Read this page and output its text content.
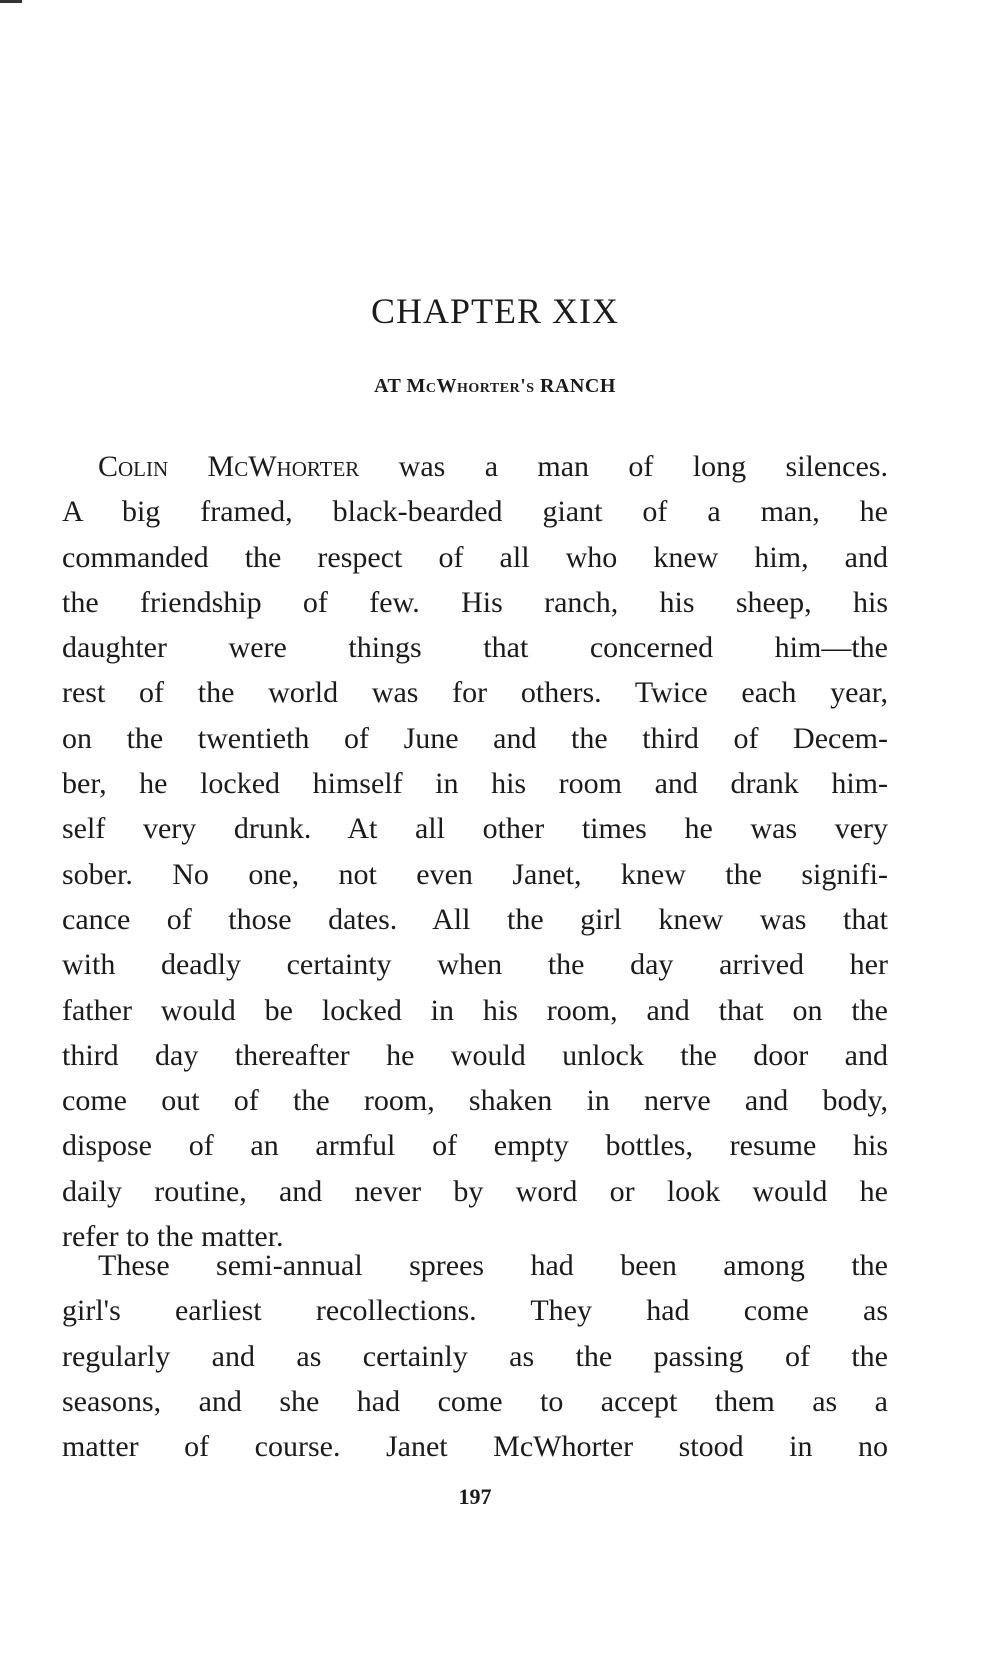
CHAPTER XIX
AT McWhorter's RANCH
Colin McWhorter was a man of long silences.
A big framed, black-bearded giant of a man, he
commanded the respect of all who knew him, and
the friendship of few. His ranch, his sheep, his
daughter were things that concerned him—the
rest of the world was for others. Twice each year,
on the twentieth of June and the third of Decem-
ber, he locked himself in his room and drank him-
self very drunk. At all other times he was very
sober. No one, not even Janet, knew the signifi-
cance of those dates. All the girl knew was that
with deadly certainty when the day arrived her
father would be locked in his room, and that on the
third day thereafter he would unlock the door and
come out of the room, shaken in nerve and body,
dispose of an armful of empty bottles, resume his
daily routine, and never by word or look would he
refer to the matter.
These semi-annual sprees had been among the
girl's earliest recollections. They had come as
regularly and as certainly as the passing of the
seasons, and she had come to accept them as a
matter of course. Janet McWhorter stood in no
197
